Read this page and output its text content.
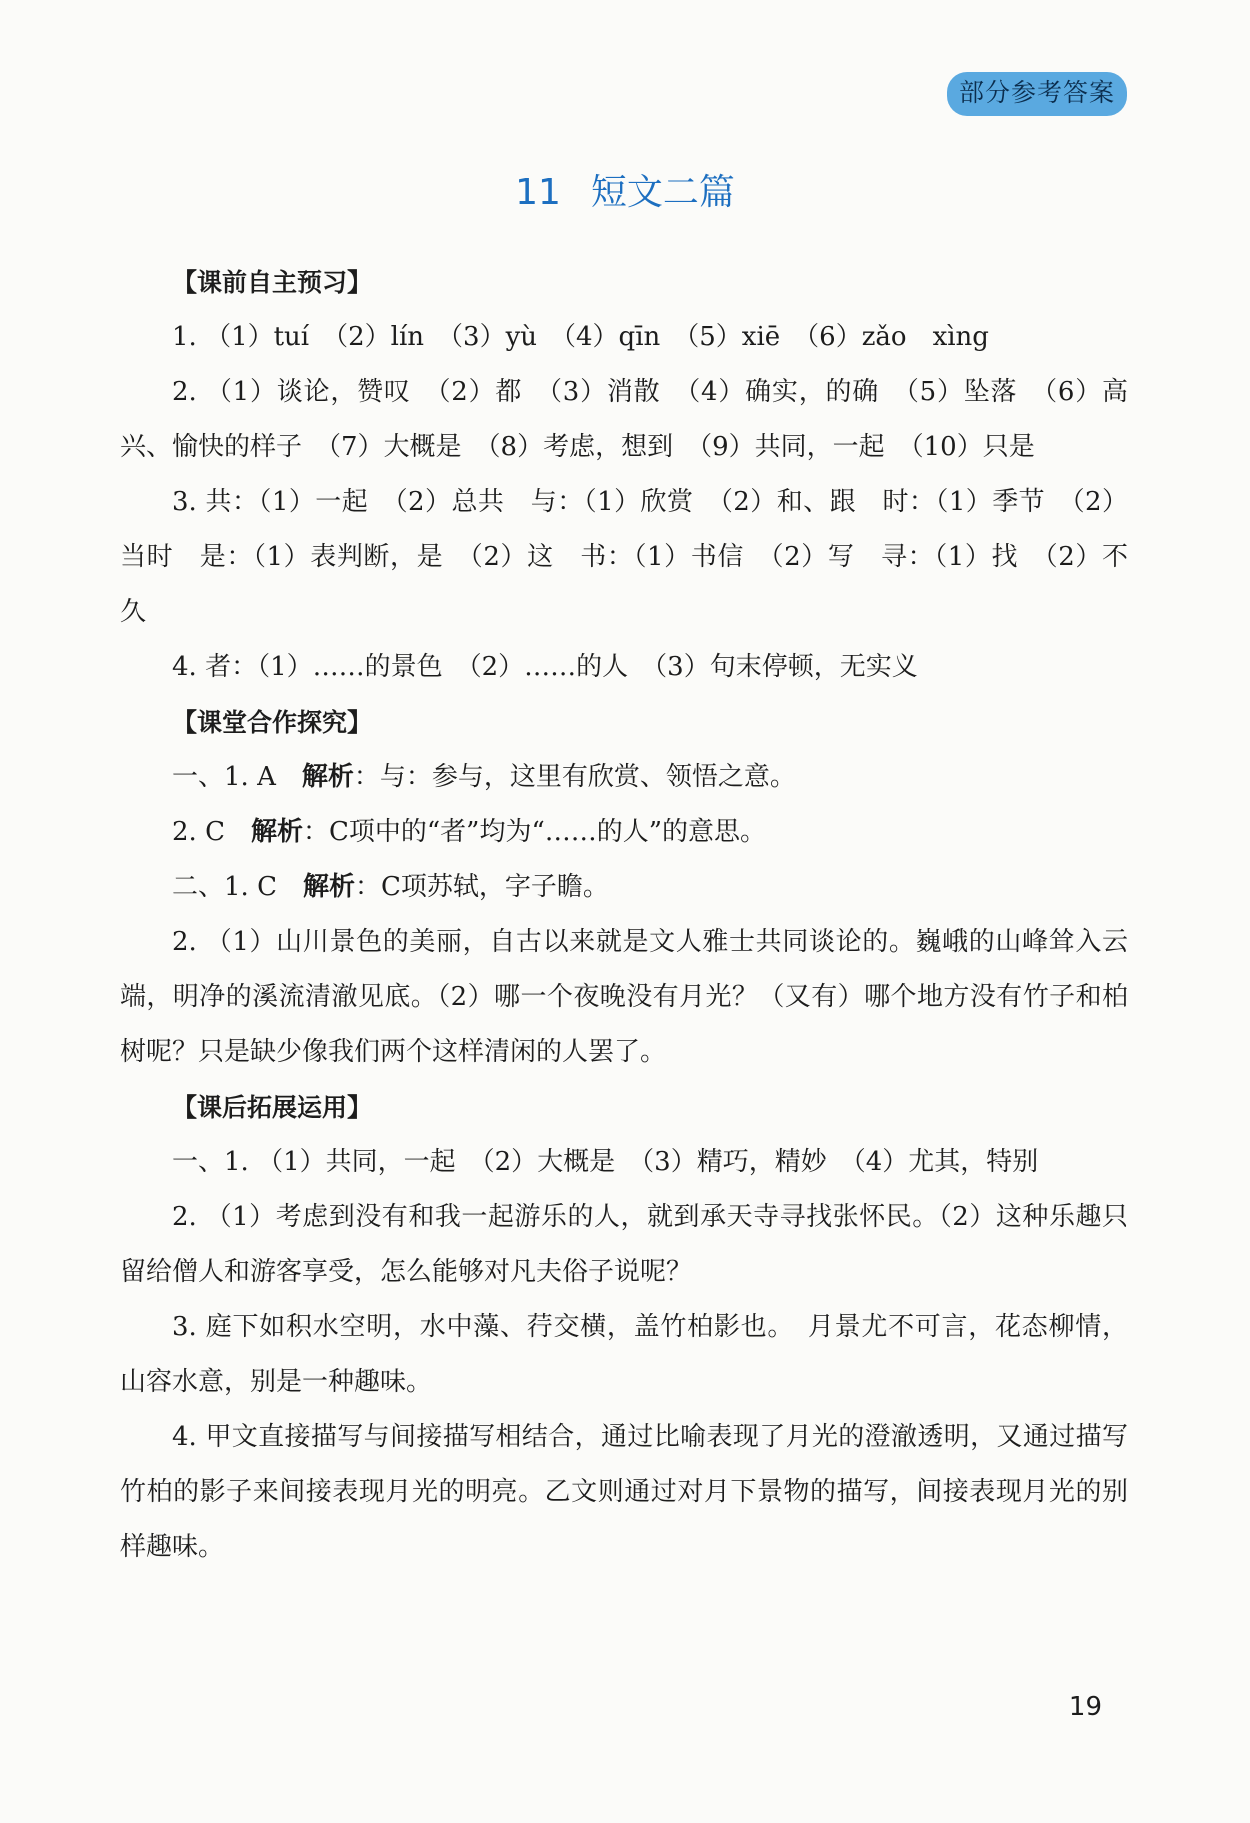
部分参考答案
11 短文二篇

【课前自主预习】

1. （1）tuí　（2）lín　（3）yù　（4）qīn　（5）xiē　（6）zǎo　xìng

2. （1）谈论，赞叹　（2）都　（3）消散　（4）确实，的确　（5）坠落　（6）高兴、愉快的样子　（7）大概是　（8）考虑，想到　（9）共同，一起　（10）只是

3. 共：（1）一起　（2）总共　与：（1）欣赏　（2）和、跟　时：（1）季节　（2）当时　是：（1）表判断，是　（2）这　书：（1）书信　（2）写　寻：（1）找　（2）不久

4. 者：（1）……的景色　（2）……的人　（3）句末停顿，无实义

【课堂合作探究】

一、1. A　解析：与：参与，这里有欣赏、领悟之意。

2. C　解析：C项中的“者”均为“……的人”的意思。

二、1. C　解析：C项苏轼，字子瞻。

2. （1）山川景色的美丽，自古以来就是文人雅士共同谈论的。巍峨的山峰耸入云端，明净的溪流清澈见底。（2）哪一个夜晚没有月光？（又有）哪个地方没有竹子和柏树呢？只是缺少像我们两个这样清闲的人罢了。

【课后拓展运用】

一、1. （1）共同，一起　（2）大概是　（3）精巧，精妙　（4）尤其，特别

2. （1）考虑到没有和我一起游乐的人，就到承天寺寻找张怀民。（2）这种乐趣只留给僧人和游客享受，怎么能够对凡夫俗子说呢？

3. 庭下如积水空明，水中藻、荇交横，盖竹柏影也。　月景尤不可言，花态柳情，山容水意，别是一种趣味。

4. 甲文直接描写与间接描写相结合，通过比喻表现了月光的澄澈透明，又通过描写竹柏的影子来间接表现月光的明亮。乙文则通过对月下景物的描写，间接表现月光的别样趣味。

19
